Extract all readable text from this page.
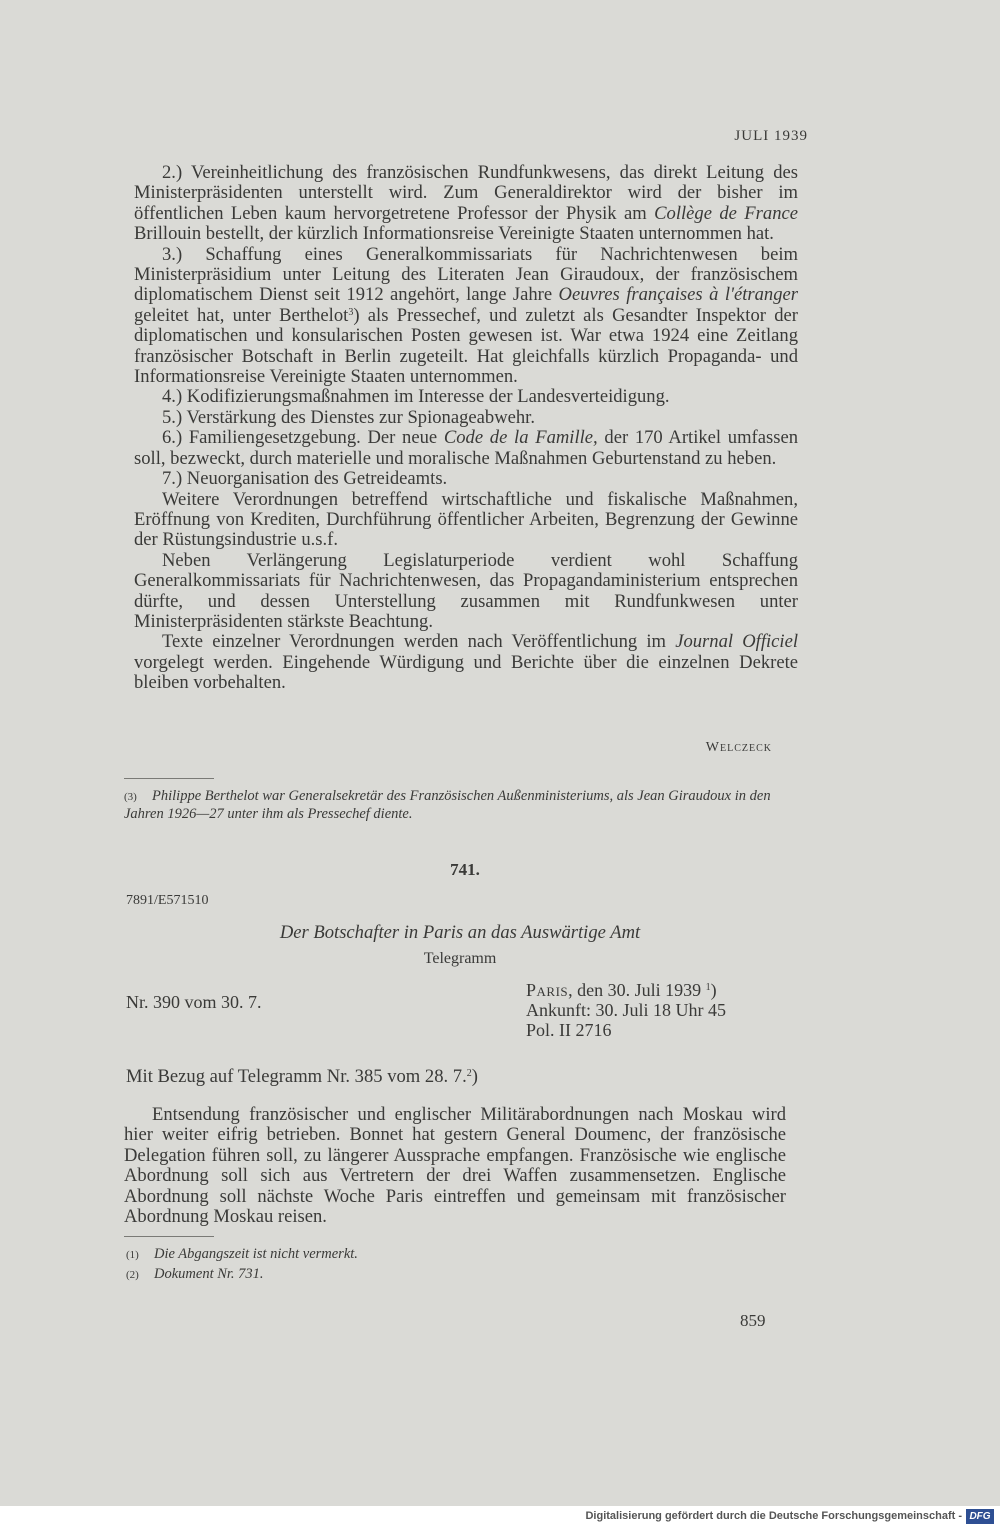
JULI 1939

2.) Vereinheitlichung des französischen Rundfunkwesens, das direkt Leitung des Ministerpräsidenten unterstellt wird. Zum Generaldirektor wird der bisher im öffentlichen Leben kaum hervorgetretene Professor der Physik am Collège de France Brillouin bestellt, der kürzlich Informationsreise Vereinigte Staaten unternommen hat.

3.) Schaffung eines Generalkommissariats für Nachrichtenwesen beim Ministerpräsidium unter Leitung des Literaten Jean Giraudoux, der französischem diplomatischem Dienst seit 1912 angehört, lange Jahre Oeuvres françaises à l'étranger geleitet hat, unter Berthelot$^3$) als Pressechef, und zuletzt als Gesandter Inspektor der diplomatischen und konsularischen Posten gewesen ist. War etwa 1924 eine Zeitlang französischer Botschaft in Berlin zugeteilt. Hat gleichfalls kürzlich Propaganda- und Informationsreise Vereinigte Staaten unternommen.

4.) Kodifizierungsmaßnahmen im Interesse der Landesverteidigung.

5.) Verstärkung des Dienstes zur Spionageabwehr.

6.) Familiengesetzgebung. Der neue Code de la Famille, der 170 Artikel umfassen soll, bezweckt, durch materielle und moralische Maßnahmen Geburtenstand zu heben.

7.) Neuorganisation des Getreideamts.

Weitere Verordnungen betreffend wirtschaftliche und fiskalische Maßnahmen, Eröffnung von Krediten, Durchführung öffentlicher Arbeiten, Begrenzung der Gewinne der Rüstungsindustrie u.s.f.

Neben Verlängerung Legislaturperiode verdient wohl Schaffung Generalkommissariats für Nachrichtenwesen, das Propagandaministerium entsprechen dürfte, und dessen Unterstellung zusammen mit Rundfunkwesen unter Ministerpräsidenten stärkste Beachtung.

Texte einzelner Verordnungen werden nach Veröffentlichung im Journal Officiel vorgelegt werden. Eingehende Würdigung und Berichte über die einzelnen Dekrete bleiben vorbehalten.

Welczeck
(3) Philippe Berthelot war Generalsekretär des Französischen Außenministeriums, als Jean Giraudoux in den Jahren 1926—27 unter ihm als Pressechef diente.
741.
7891/E571510
Der Botschafter in Paris an das Auswärtige Amt
Telegramm
Nr. 390 vom 30. 7.
Paris, den 30. Juli 1939 $^1$)
Ankunft: 30. Juli 18 Uhr 45
Pol. II 2716
Mit Bezug auf Telegramm Nr. 385 vom 28. 7.$^2$)

Entsendung französischer und englischer Militärabordnungen nach Moskau wird hier weiter eifrig betrieben. Bonnet hat gestern General Doumenc, der französische Delegation führen soll, zu längerer Aussprache empfangen. Französische wie englische Abordnung soll sich aus Vertretern der drei Waffen zusammensetzen. Englische Abordnung soll nächste Woche Paris eintreffen und gemeinsam mit französischer Abordnung Moskau reisen.

(1) Die Abgangszeit ist nicht vermerkt.
(2) Dokument Nr. 731.
859
Digitalisierung gefördert durch die Deutsche Forschungsgemeinschaft - DFG
